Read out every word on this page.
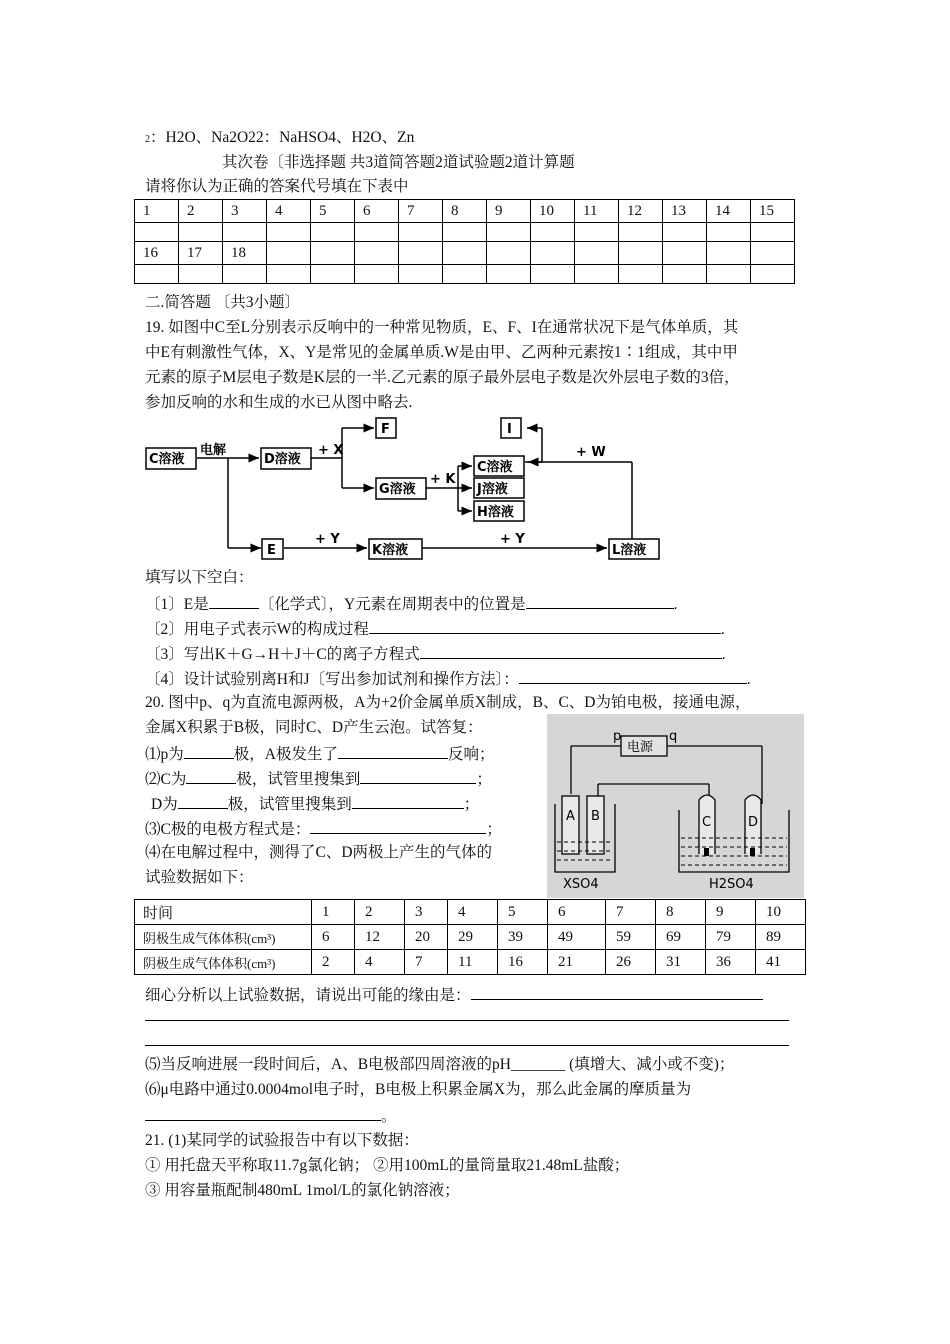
2：H2O、Na2O22：NaHSO4、H2O、Zn
其次卷〔非选择题 共3道简答题2道试验题2道计算题
请将你认为正确的答案代号填在下表中
1	2	3	4	5	6	7	8	9	10	11	12	13	14	15

16	17	18												

二.简答题 〔共3小题〕
19. 如图中C至L分别表示反响中的一种常见物质，E、F、I在通常状况下是气体单质，其
中E有刺激性气体，X、Y是常见的金属单质.W是由甲、乙两种元素按1∶1组成，其中甲
元素的原子M层电子数是K层的一半.乙元素的原子最外层电子数是次外层电子数的3倍，
参加反响的水和生成的水已从图中略去.
C溶液
电解
D溶液
+ X
F
G溶液
+ K
I
C溶液
J溶液
H溶液
+ W
E
+ Y
K溶液
+ Y
L溶液
填写以下空白：
〔1〕E是	〔化学式〕，Y元素在周期表中的位置是	.
〔2〕用电子式表示W的构成过程	.
〔3〕写出K＋G→H＋J＋C的离子方程式	.
〔4〕设计试验别离H和J〔写出参加试剂和操作方法〕：	.
20. 图中p、q为直流电源两极，A为+2价金属单质X制成，B、C、D为铂电极，接通电源，
金属X积累于B极，同时C、D产生云泡。试答复：
⑴p为	极，A极发生了	反响；
⑵C为	极，试管里搜集到	；
D为	极，试管里搜集到	；
⑶C极的电极方程式是：	；
⑷在电解过程中，测得了C、D两极上产生的气体的
试验数据如下：
p	q
电源
A B	C	D
XSO4	H2SO4
时间	1	2	3	4	5	6	7	8	9	10
阴极生成气体体积(cm³)	6	12	20	29	39	49	59	69	79	89
阴极生成气体体积(cm³)	2	4	7	11	16	21	26	31	36	41
细心分析以上试验数据，请说出可能的缘由是：
⑸当反响进展一段时间后，A、B电极部四周溶液的pH_______ (填增大、减小或不变)；
⑹μ电路中通过0.0004mol电子时，B电极上积累金属X为，那么此金属的摩质量为
。
21. (1)某同学的试验报告中有以下数据：
① 用托盘天平称取11.7g氯化钠； ②用100mL的量筒量取21.48mL盐酸；
③ 用容量瓶配制480mL 1mol/L的氯化钠溶液；
